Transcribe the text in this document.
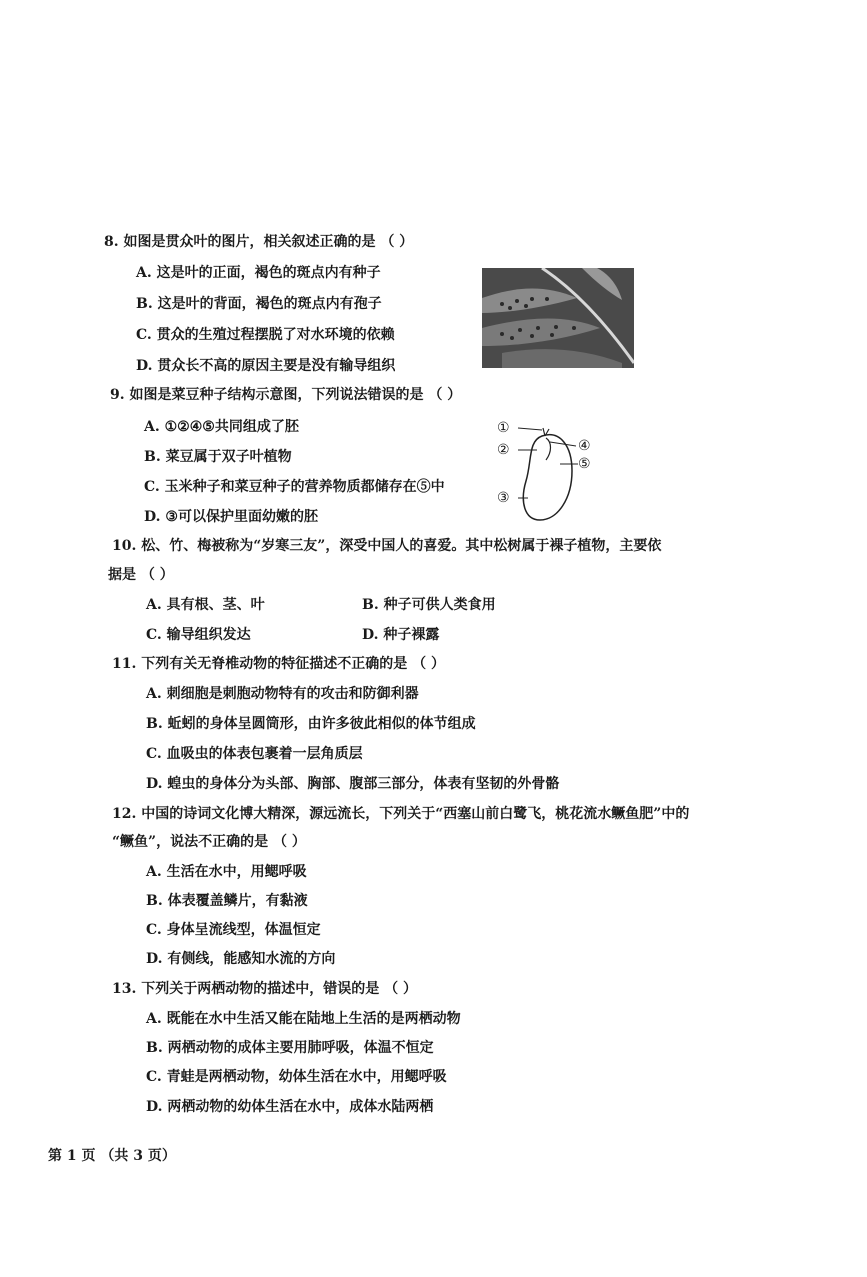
8. 如图是贯众叶的图片，相关叙述正确的是 （ ）
A. 这是叶的正面，褐色的斑点内有种子
B. 这是叶的背面，褐色的斑点内有孢子
C. 贯众的生殖过程摆脱了对水环境的依赖
D. 贯众长不高的原因主要是没有输导组织
9. 如图是菜豆种子结构示意图，下列说法错误的是 （ ）
A. ①②④⑤共同组成了胚
B. 菜豆属于双子叶植物
C. 玉米种子和菜豆种子的营养物质都储存在⑤中
D. ③可以保护里面幼嫩的胚
①
②
③
④
⑤
10. 松、竹、梅被称为“岁寒三友”，深受中国人的喜爱。其中松树属于裸子植物，主要依
据是 （ ）
A. 具有根、茎、叶	B. 种子可供人类食用
C. 输导组织发达	D. 种子裸露
11. 下列有关无脊椎动物的特征描述不正确的是 （ ）
A. 刺细胞是刺胞动物特有的攻击和防御利器
B. 蚯蚓的身体呈圆筒形，由许多彼此相似的体节组成
C. 血吸虫的体表包裹着一层角质层
D. 蝗虫的身体分为头部、胸部、腹部三部分，体表有坚韧的外骨骼
12. 中国的诗词文化博大精深，源远流长，下列关于“西塞山前白鹭飞，桃花流水鳜鱼肥”中的
“鳜鱼”，说法不正确的是 （ ）
A. 生活在水中，用鳃呼吸
B. 体表覆盖鳞片，有黏液
C. 身体呈流线型，体温恒定
D. 有侧线，能感知水流的方向
13. 下列关于两栖动物的描述中，错误的是 （ ）
A. 既能在水中生活又能在陆地上生活的是两栖动物
B. 两栖动物的成体主要用肺呼吸，体温不恒定
C. 青蛙是两栖动物，幼体生活在水中，用鳃呼吸
D. 两栖动物的幼体生活在水中，成体水陆两栖
第 1 页 （共 3 页）
